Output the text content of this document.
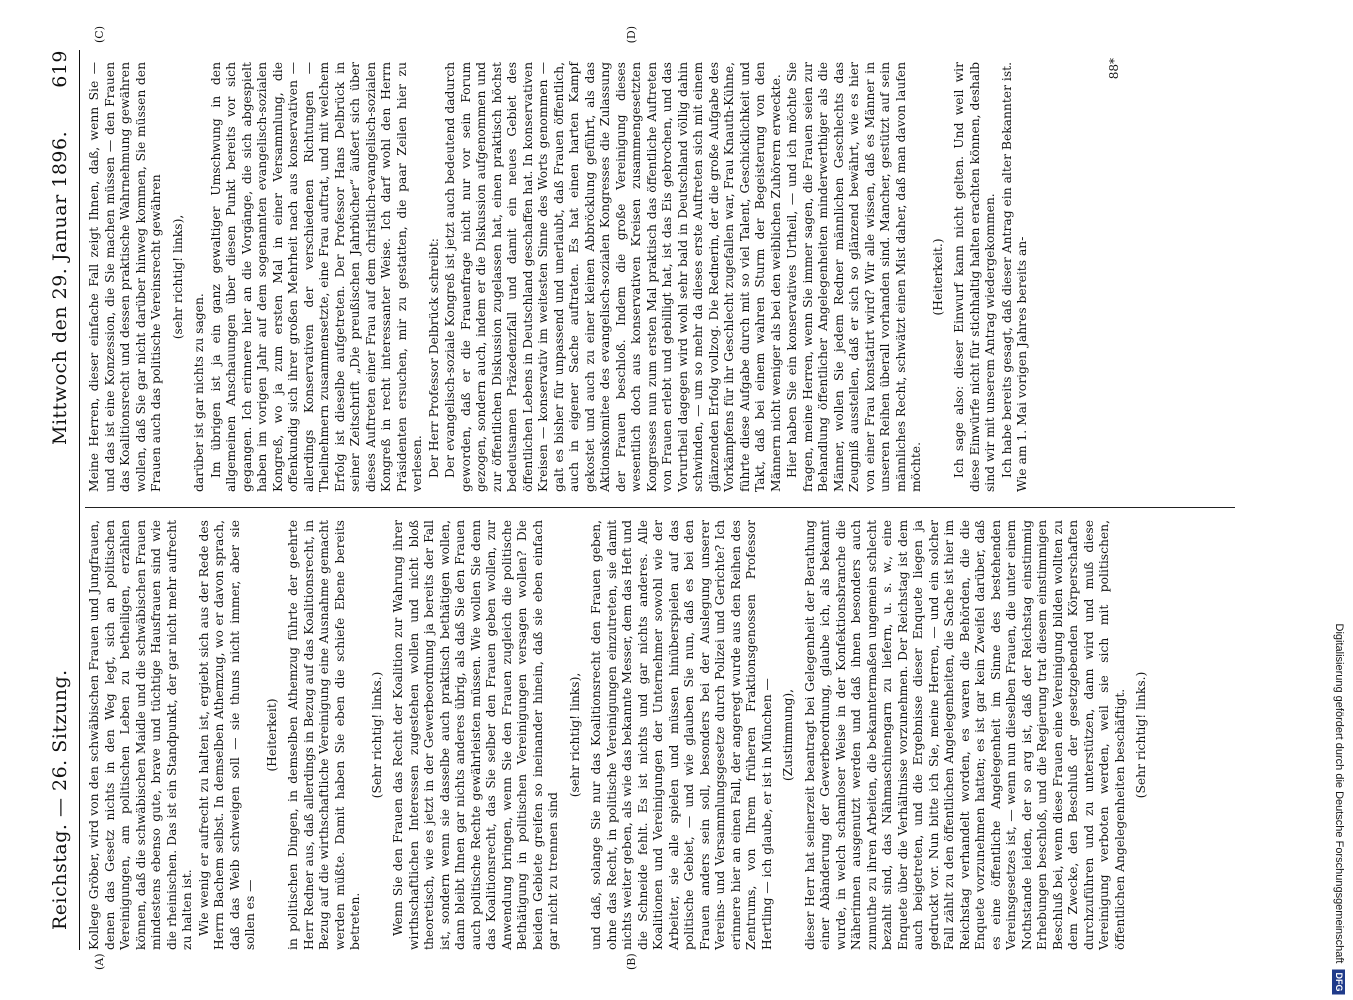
Reichstag. — 26. Sitzung.
Mittwoch den 29. Januar 1896.
619
(A)	(B)
(C)	(D)

Kollege Gröber, wird von den schwäbischen Frauen und Jungfrauen, denen das Gesetz nichts in den Weg legt, sich an politischen Vereinigungen, am politischen Leben zu betheiligen, erzählen können, daß die schwäbischen Maidle und die schwäbischen Frauen mindestens ebenso gute, brave und tüchtige Hausfrauen sind wie die rheinischen. Das ist ein Standpunkt, der gar nicht mehr aufrecht zu halten ist. Wie wenig er aufrecht zu halten ist, ergiebt sich aus der Rede des Herrn Bachem selbst. In demselben Athemzug, wo er davon sprach, daß das Weib schweigen soll — sie thuns nicht immer, aber sie sollen es —

(Heiterkeit) in politischen Dingen, in demselben Athemzug führte der geehrte Herr Redner aus, daß allerdings in Bezug auf das Koalitionsrecht, in Bezug auf die wirthschaftliche Vereinigung eine Ausnahme gemacht werden müßte. Damit haben Sie eben die schiefe Ebene bereits betreten.

(Sehr richtig! links.) Wenn Sie den Frauen das Recht der Koalition zur Wahrung ihrer wirthschaftlichen Interessen zugestehen wollen und nicht bloß theoretisch, wie es jetzt in der Gewerbeordnung ja bereits der Fall ist, sondern wenn sie dasselbe auch praktisch bethätigen wollen, dann bleibt Ihnen gar nichts anderes übrig, als daß Sie den Frauen auch politische Rechte gewährleisten müssen. Wie wollen Sie denn das Koalitionsrecht, das Sie selber den Frauen geben wollen, zur Anwendung bringen, wenn Sie den Frauen zugleich die politische Bethätigung in politischen Vereinigungen versagen wollen? Die beiden Gebiete greifen so ineinander hinein, daß sie eben einfach gar nicht zu trennen sind

(sehr richtig! links), und daß, solange Sie nur das Koalitionsrecht den Frauen geben, ohne das Recht, in politische Vereinigungen einzutreten, sie damit nichts weiter geben, als wie das bekannte Messer, dem das Heft und die Schneide fehlt. Es ist nichts und gar nichts anderes. Alle Koalitionen und Vereinigungen der Unternehmer sowohl wie der Arbeiter, sie alle spielen und müssen hinüberspielen auf das politische Gebiet, — und wie glauben Sie nun, daß es bei den Frauen anders sein soll, besonders bei der Auslegung unserer Vereins- und Versammlungsgesetze durch Polizei und Gerichte? Ich erinnere hier an einen Fall, der angeregt wurde aus den Reihen des Zentrums, von Ihrem früheren Fraktionsgenossen Professor Hertling — ich glaube, er ist in München — (Zustimmung), dieser Herr hat seinerzeit beantragt bei Gelegenheit der Berathung einer Abänderung der Gewerbeordnung, glaube ich, als bekannt wurde, in welch schamloser Weise in der Konfektionsbranche die Näherinnen ausgenutzt werden und daß ihnen besonders auch zumuthe zu ihren Arbeiten, die bekanntermaßen ungemein schlecht bezahlt sind, das Nähmaschinengarn zu liefern, u. s. w., eine Enquete über die Verhältnisse vorzunehmen. Der Reichstag ist dem auch beigetreten, und die Ergebnisse dieser Enquete liegen ja gedruckt vor. Nun bitte ich Sie, meine Herren, — und ein solcher Fall zählt zu den öffentlichen Angelegenheiten, die Sache ist hier im Reichstag verhandelt worden, es waren die Behörden, die die Enquete vorzunehmen hatten; es ist gar kein Zweifel darüber, daß es eine öffentliche Angelegenheit im Sinne des bestehenden Vereinsgesetzes ist, — wenn nun dieselben Frauen, die unter einem Nothstande leiden, der so arg ist, daß der Reichstag einstimmig Erhebungen beschloß, und die Regierung trat diesem einstimmigen Beschluß bei, wenn diese Frauen eine Vereinigung bilden wollten zu dem Zwecke, den Beschluß der gesetzgebenden Körperschaften durchzuführen und zu unterstützen, dann wird und muß diese Vereinigung verboten werden, weil sie sich mit politischen, öffentlichen Angelegenheiten beschäftigt. (Sehr richtig! links.)

Meine Herren, dieser einfache Fall zeigt Ihnen, daß, wenn Sie — und das ist eine Konzession, die Sie machen müssen — den Frauen das Koalitionsrecht und dessen praktische Wahrnehmung gewähren wollen, daß Sie gar nicht darüber hinweg kommen, Sie müssen den Frauen auch das politische Vereinsrecht gewähren (sehr richtig! links),

darüber ist gar nichts zu sagen. Im übrigen ist ja ein ganz gewaltiger Umschwung in den allgemeinen Anschauungen über diesen Punkt bereits vor sich gegangen. Ich erinnere hier an die Vorgänge, die sich abgespielt haben im vorigen Jahr auf dem sogenannten evangelisch-sozialen Kongreß, wo ja zum ersten Mal in einer Versammlung, die offenkundig sich ihrer großen Mehrheit nach aus konservativen — allerdings Konservativen der verschiedenen Richtungen — Theilnehmern zusammensetzte, eine Frau auftrat, und mit welchem Erfolg ist dieselbe aufgetreten. Der Professor Hans Delbrück in seiner Zeitschrift „Die preußischen Jahrbücher“ äußert sich über dieses Auftreten einer Frau auf dem christlich-evangelisch-sozialen Kongreß in recht interessanter Weise. Ich darf wohl den Herrn Präsidenten ersuchen, mir zu gestatten, die paar Zeilen hier zu verlesen. Der Herr Professor Delbrück schreibt: Der evangelisch-soziale Kongreß ist jetzt auch bedeutend dadurch geworden, daß er die Frauenfrage nicht nur vor sein Forum gezogen, sondern auch, indem er die Diskussion aufgenommen und zur öffentlichen Diskussion zugelassen hat, einen praktisch höchst bedeutsamen Präzedenzfall und damit ein neues Gebiet des öffentlichen Lebens in Deutschland geschaffen hat. In konservativen Kreisen — konservativ im weitesten Sinne des Worts genommen — galt es bisher für unpassend und unerlaubt, daß Frauen öffentlich, auch in eigener Sache auftraten. Es hat einen harten Kampf gekostet und auch zu einer kleinen Abbröcklung geführt, als das Aktionskomitee des evangelisch-sozialen Kongresses die Zulassung der Frauen beschloß. Indem die große Vereinigung dieses wesentlich doch aus konservativen Kreisen zusammengesetzten Kongresses nun zum ersten Mal praktisch das öffentliche Auftreten von Frauen erlebt und gebilligt hat, ist das Eis gebrochen, und das Vorurtheil dagegen wird wohl sehr bald in Deutschland völlig dahin schwinden, — um so mehr da dieses erste Auftreten sich mit einem glänzenden Erfolg vollzog. Die Rednerin, der die große Aufgabe des Vorkämpfens für ihr Geschlecht zugefallen war, Frau Knauth-Kühne, führte diese Aufgabe durch mit so viel Talent, Geschicklichkeit und Takt, daß bei einem wahren Sturm der Begeisterung von den Männern nicht weniger als bei den weiblichen Zuhörern erweckte. Hier haben Sie ein konservatives Urtheil, — und ich möchte Sie fragen, meine Herren, wenn Sie immer sagen, die Frauen seien zur Behandlung öffentlicher Angelegenheiten minderwerthiger als die Männer, wollen Sie jedem Redner männlichen Geschlechts das Zeugniß ausstellen, daß er sich so glänzend bewährt, wie es hier von einer Frau konstatirt wird? Wir alle wissen, daß es Männer in unseren Reihen überall vorhanden sind. Mancher, gestützt auf sein männliches Recht, schwätzt einen Mist daher, daß man davon laufen möchte.

(Heiterkeit.) Ich sage also: dieser Einwurf kann nicht gelten. Und weil wir diese Einwürfe nicht für stichhaltig halten erachten können, deshalb sind wir mit unserem Antrag wiedergekommen. Ich habe bereits gesagt, daß dieser Antrag ein alter Bekannter ist. Wie am 1. Mai vorigen Jahres bereits an-

88*
Digitalisierung gefördert durch die Deutsche ForschungsgemeinschaftDFG
